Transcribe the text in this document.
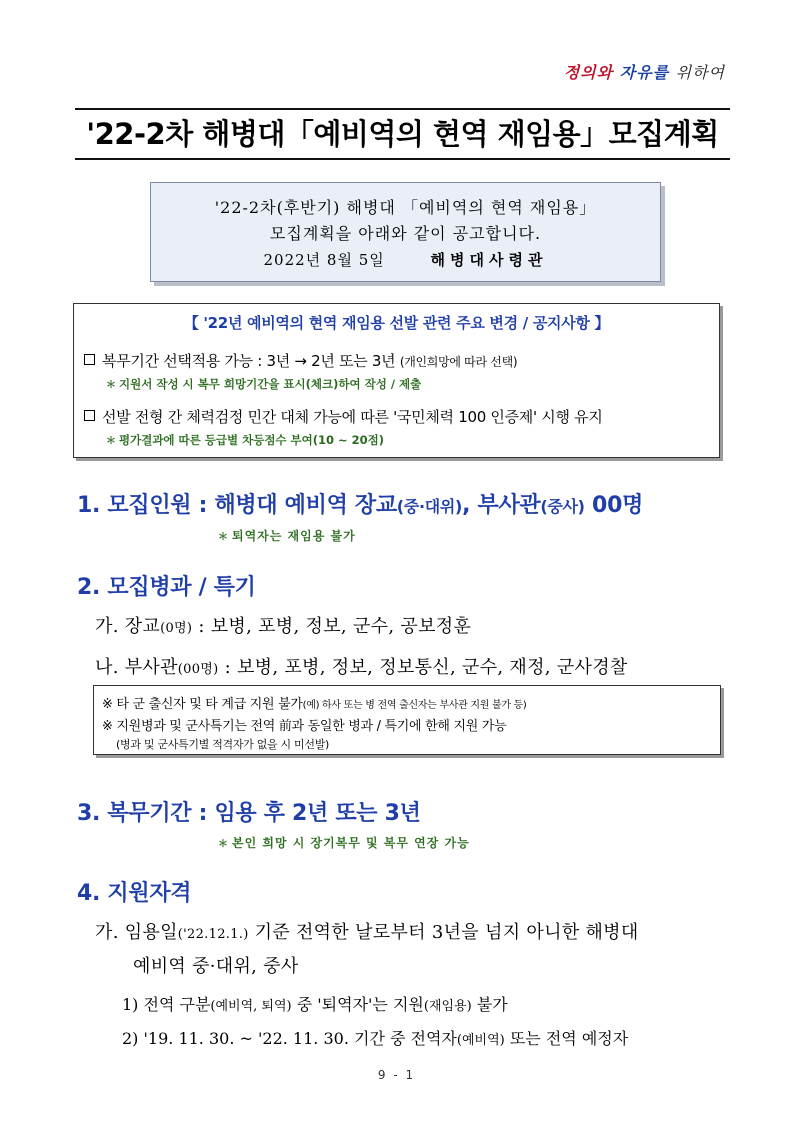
정의와 자유를 위하여
'22-2차 해병대「예비역의 현역 재임용」모집계획
'22-2차(후반기) 해병대 「예비역의 현역 재임용」
모집계획을 아래와 같이 공고합니다.
2022년 8월 5일	해병대사령관
【 '22년 예비역의 현역 재임용 선발 관련 주요 변경 / 공지사항 】
복무기간 선택적용 가능 : 3년 → 2년 또는 3년 (개인희망에 따라 선택)
＊ 지원서 작성 시 복무 희망기간을 표시(체크)하여 작성 / 제출
선발 전형 간 체력검정 민간 대체 가능에 따른 '국민체력 100 인증제' 시행 유지
＊ 평가결과에 따른 등급별 차등점수 부여(10 ~ 20점)
1. 모집인원 : 해병대 예비역 장교(중·대위), 부사관(중사) 00명
＊ 퇴역자는 재임용 불가
2. 모집병과 / 특기
가. 장교(0명) : 보병, 포병, 정보, 군수, 공보정훈
나. 부사관(00명) : 보병, 포병, 정보, 정보통신, 군수, 재정, 군사경찰
※ 타 군 출신자 및 타 계급 지원 불가(예) 하사 또는 병 전역 출신자는 부사관 지원 불가 등)
※ 지원병과 및 군사특기는 전역 前과 동일한 병과 / 특기에 한해 지원 가능
(병과 및 군사특기별 적격자가 없을 시 미선발)
3. 복무기간 : 임용 후 2년 또는 3년
＊ 본인 희망 시 장기복무 및 복무 연장 가능
4. 지원자격
가. 임용일('22.12.1.) 기준 전역한 날로부터 3년을 넘지 아니한 해병대
예비역 중·대위, 중사
1) 전역 구분(예비역, 퇴역) 중 '퇴역자'는 지원(재임용) 불가
2) '19. 11. 30. ~ '22. 11. 30. 기간 중 전역자(예비역) 또는 전역 예정자
9 - 1
